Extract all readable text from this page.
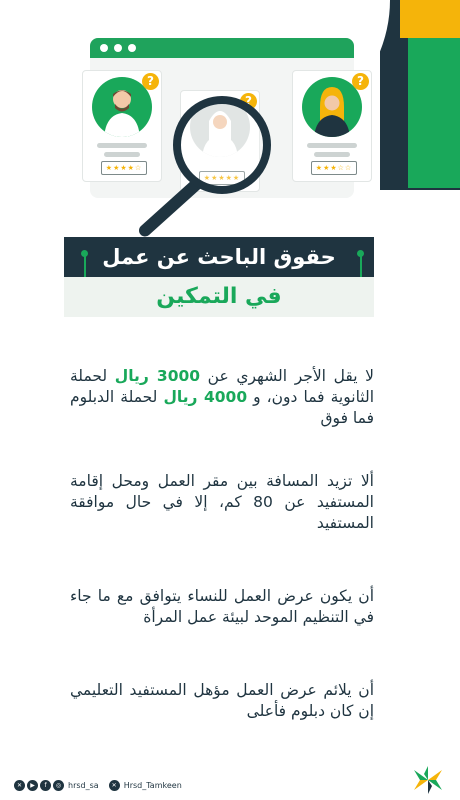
?
★★★★☆
?
★★★★★
?
★★★☆☆
حقوق الباحث عن عمل
في التمكين
لا يقل الأجر الشهري عن 3000 ريال لحملة الثانوية فما دون، و 4000 ريال لحملة الدبلوم فما فوق
ألا تزيد المسافة بين مقر العمل ومحل إقامة المستفيد عن 80 كم، إلا في حال موافقة المستفيد
أن يكون عرض العمل للنساء يتوافق مع ما جاء في التنظيم الموحد لبيئة عمل المرأة
أن يلائم عرض العمل مؤهل المستفيد التعليمي إن كان دبلوم فأعلى
✕	▶	f	◎ hrsd_sa	✕ Hrsd_Tamkeen
